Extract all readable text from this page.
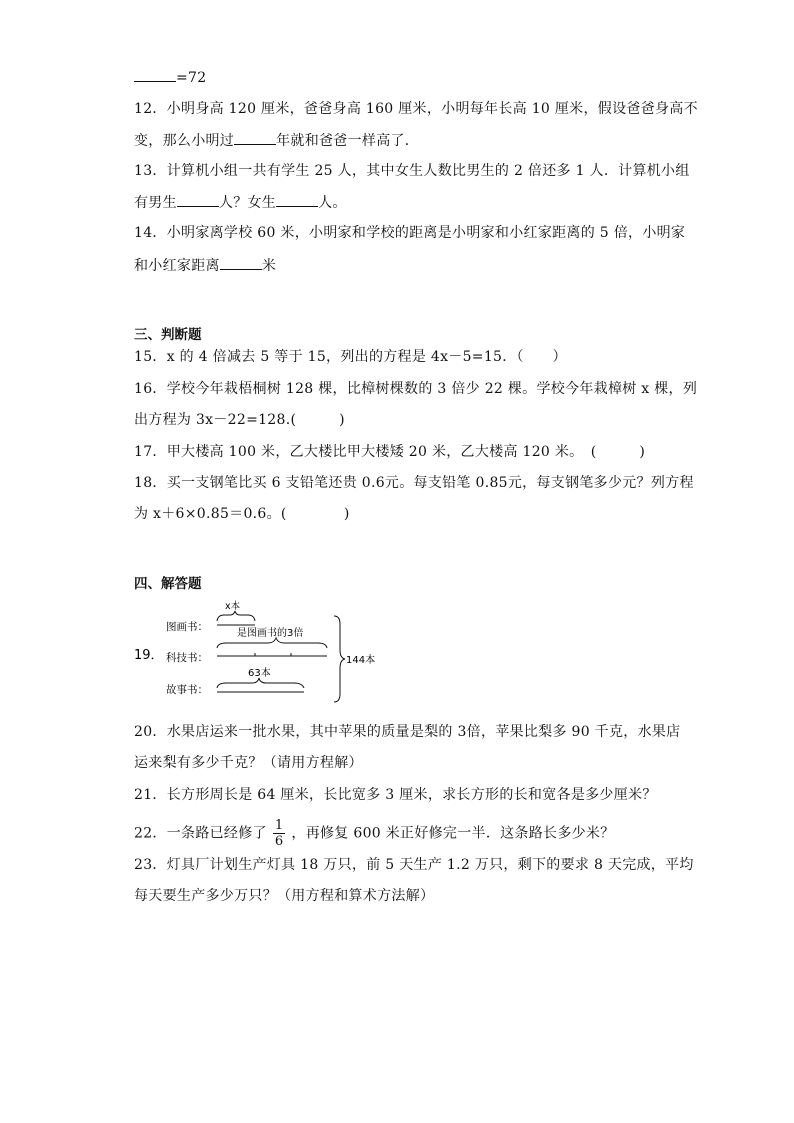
=72
12．小明身高 120 厘米，爸爸身高 160 厘米，小明每年长高 10 厘米，假设爸爸身高不
变，那么小明过	年就和爸爸一样高了．
13．计算机小组一共有学生 25 人，其中女生人数比男生的 2 倍还多 1 人．计算机小组
有男生	人？女生	人。
14．小明家离学校 60 米，小明家和学校的距离是小明家和小红家距离的 5 倍，小明家
和小红家距离	米
三、判断题
15．x 的 4 倍减去 5 等于 15，列出的方程是 4x－5=15．（　　）
16．学校今年栽梧桐树 128 棵，比樟树棵数的 3 倍少 22 棵。学校今年栽樟树 x 棵，列
出方程为 3x－22=128.(　　　)
17．甲大楼高 100 米，乙大楼比甲大楼矮 20 米，乙大楼高 120 米。　(　　　)
18．买一支钢笔比买 6 支铅笔还贵 0.6元。每支铅笔 0.85元，每支钢笔多少元？列方程
为 x＋6×0.85＝0.6。(　　　　)
四、解答题
19．
图画书：
科技书：
故事书：
x本
是图画书的3倍
63本
144本
20．水果店运来一批水果，其中苹果的质量是梨的 3倍，苹果比梨多 90 千克，水果店
运来梨有多少千克？（请用方程解）
21．长方形周长是 64 厘米，长比宽多 3 厘米，求长方形的长和宽各是多少厘米？
22．一条路已经修了 $\frac{1}{6}$ ，再修复 600 米正好修完一半．这条路长多少米？
23．灯具厂计划生产灯具 18 万只，前 5 天生产 1.2 万只，剩下的要求 8 天完成，平均
每天要生产多少万只？（用方程和算术方法解）
